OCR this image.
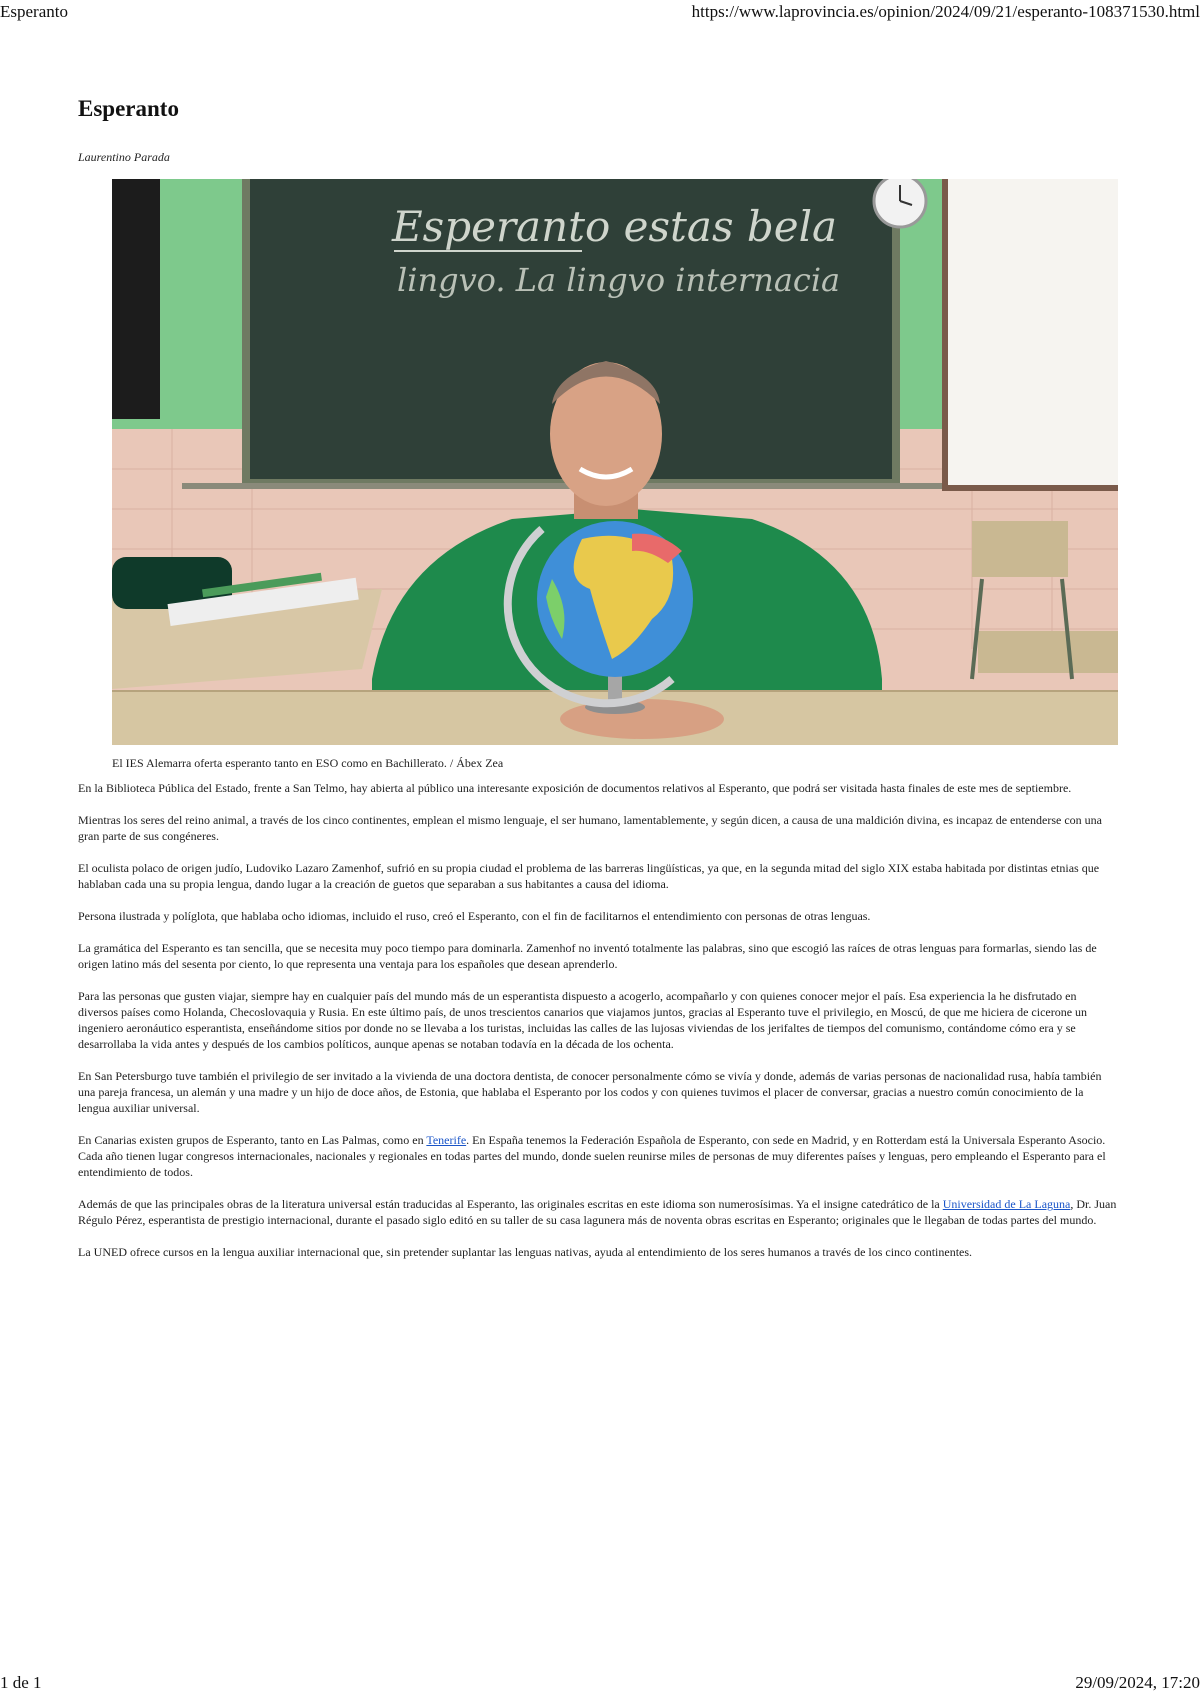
Esperanto	https://www.laprovincia.es/opinion/2024/09/21/esperanto-108371530.html
Esperanto
Laurentino Parada
Esperanto estas bela
lingvo. La lingvo internacia
El IES Alemarra oferta esperanto tanto en ESO como en Bachillerato. / Ábex Zea

En la Biblioteca Pública del Estado, frente a San Telmo, hay abierta al público una interesante exposición de documentos relativos al Esperanto, que podrá ser visitada hasta finales de este mes de septiembre.

Mientras los seres del reino animal, a través de los cinco continentes, emplean el mismo lenguaje, el ser humano, lamentablemente, y según dicen, a causa de una maldición divina, es incapaz de entenderse con una gran parte de sus congéneres.

El oculista polaco de origen judío, Ludoviko Lazaro Zamenhof, sufrió en su propia ciudad el problema de las barreras lingüísticas, ya que, en la segunda mitad del siglo XIX estaba habitada por distintas etnias que hablaban cada una su propia lengua, dando lugar a la creación de guetos que separaban a sus habitantes a causa del idioma.

Persona ilustrada y políglota, que hablaba ocho idiomas, incluido el ruso, creó el Esperanto, con el fin de facilitarnos el entendimiento con personas de otras lenguas.

La gramática del Esperanto es tan sencilla, que se necesita muy poco tiempo para dominarla. Zamenhof no inventó totalmente las palabras, sino que escogió las raíces de otras lenguas para formarlas, siendo las de origen latino más del sesenta por ciento, lo que representa una ventaja para los españoles que desean aprenderlo.

Para las personas que gusten viajar, siempre hay en cualquier país del mundo más de un esperantista dispuesto a acogerlo, acompañarlo y con quienes conocer mejor el país. Esa experiencia la he disfrutado en diversos países como Holanda, Checoslovaquia y Rusia. En este último país, de unos trescientos canarios que viajamos juntos, gracias al Esperanto tuve el privilegio, en Moscú, de que me hiciera de cicerone un ingeniero aeronáutico esperantista, enseñándome sitios por donde no se llevaba a los turistas, incluidas las calles de las lujosas viviendas de los jerifaltes de tiempos del comunismo, contándome cómo era y se desarrollaba la vida antes y después de los cambios políticos, aunque apenas se notaban todavía en la década de los ochenta.

En San Petersburgo tuve también el privilegio de ser invitado a la vivienda de una doctora dentista, de conocer personalmente cómo se vivía y donde, además de varias personas de nacionalidad rusa, había también una pareja francesa, un alemán y una madre y un hijo de doce años, de Estonia, que hablaba el Esperanto por los codos y con quienes tuvimos el placer de conversar, gracias a nuestro común conocimiento de la lengua auxiliar universal.

En Canarias existen grupos de Esperanto, tanto en Las Palmas, como en Tenerife. En España tenemos la Federación Española de Esperanto, con sede en Madrid, y en Rotterdam está la Universala Esperanto Asocio. Cada año tienen lugar congresos internacionales, nacionales y regionales en todas partes del mundo, donde suelen reunirse miles de personas de muy diferentes países y lenguas, pero empleando el Esperanto para el entendimiento de todos.

Además de que las principales obras de la literatura universal están traducidas al Esperanto, las originales escritas en este idioma son numerosísimas. Ya el insigne catedrático de la Universidad de La Laguna, Dr. Juan Régulo Pérez, esperantista de prestigio internacional, durante el pasado siglo editó en su taller de su casa lagunera más de noventa obras escritas en Esperanto; originales que le llegaban de todas partes del mundo.

La UNED ofrece cursos en la lengua auxiliar internacional que, sin pretender suplantar las lenguas nativas, ayuda al entendimiento de los seres humanos a través de los cinco continentes.

1 de 1	29/09/2024, 17:20
